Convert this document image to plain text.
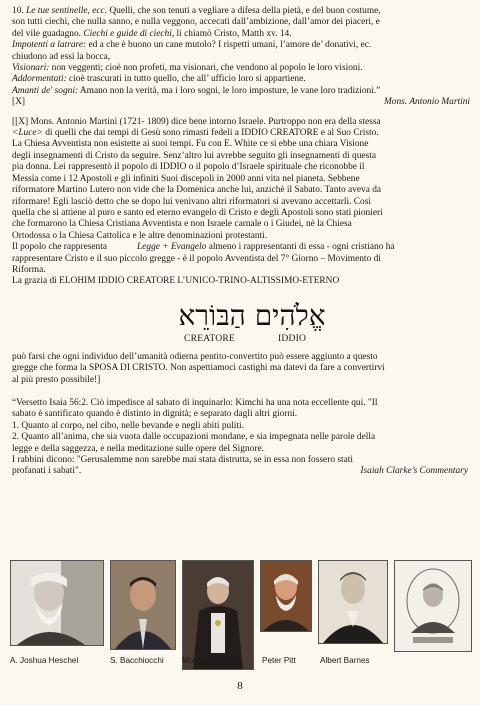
10. Le tue sentinelle, ecc. Quelli, che son tenuti a vegliare a difesa della pietà, e del buon costume,
son tutti ciechi, che nulla sanno, e nulla veggono, accecati dall’ambizione, dall’amor dei piaceri, e
del vile guadagno. Ciechi e guide di ciechi, li chiamò Cristo, Matth xv. 14.
Impotenti a latrare: ed a che è buono un cane mutolo? I rispetti umani, l’amore de’ donativi, ec.
chiudono ad essi la bocca,
Visionari: non veggenti; cioè non profeti, ma visionari, che vendono al popolo le loro visioni.
Addormentati: cioè trascurati in tutto quello, che all’ ufficio loro si appartiene.
Amanti de' sogni: Amano non la verità, ma i loro sogni, le loro imposture, le vane loro tradizioni.”
[X]	Mons. Antonio Martini
[[X] Mons. Antonio Martini (1721- 1809) dice bene intorno Israele. Purtroppo non era della stessa
<Luce> di quelli che dai tempi di Gesù sono rimasti fedeli a IDDIO CREATORE e al Suo Cristo.
La Chiesa Avventista non esistette ai suoi tempi. Fu con E. White ce si ebbe una chiara Visione
degli insegnamenti di Cristo da seguire. Senz’altro lui avrebbe seguito gli insegnamenti di questa
pia donna. Lei rappresentò il popolo di IDDIO o il popolo d’Israele spirituale che riconobbe il
Messia come i 12 Apostoli e gli infiniti Suoi discepoli in 2000 anni vita nel pianeta. Sebbene
riformatore Martino Lutero non vide che la Domenica anche lui, anzichè il Sabato. Tanto aveva da
riformare! Egli lasciò detto che se dopo lui venivano altri riformatori si avevano accettarli. Così
quella che si attiene al puro e santo ed eterno evangelo di Cristo e degli Apostoli sono stati pionieri
che formarono la Chiesa Cristiana Avventista e non Israele carnale o i Giudei, nè la Chiesa
Ortodossa o la Chiesa Cattolica e le altre denominazioni protestanti.
Il popolo che rappresenta	Legge + Evangelo almeno i rappresentanti di essa - ogni cristiano ha
rappresentare Cristo e il suo piccolo gregge - è il popolo Avventista del 7° Giorno – Movimento di
Riforma.
La grazia di ELOHIM IDDIO CREATORE L’UNICO-TRINO-ALTISSIMO-ETERNO
אֱלֹהִים הַבּוֹרֵא
CREATORE	IDDIO
può farsi che ogni individuo dell’umanità odierna pentito-convertito può essere aggiunto a questo
gregge che forma la SPOSA DI CRISTO. Non aspettiamoci castighi ma datevi da fare a convertirvi
al più presto possibile!]
“Versetto Isaia 56:2. Ciò impedisce al sabato di inquinarlo: Kimchi ha una nota eccellente qui. "Il
sabato è santificato quando è distinto in dignità; e separato dagli altri giorni.
1. Quanto al corpo, nel cibo, nelle bevande e negli abiti puliti.
2. Quanto all’anima, che sia vuota dalle occupazioni mondane, e sia impegnata nelle parole della
legge e della saggezza, e nella meditazione sulle opere del Signore.
I rabbini dicono: "Gerusalemme non sarebbe mai stata distrutta, se in essa non fossero stati
profanati i sabati".	Isaiah Clarke’s Commentary
A. Joshua Heschel	S. Bacchiocchi Mons. A. Martini	Peter Pitt	Albert Barnes
8
